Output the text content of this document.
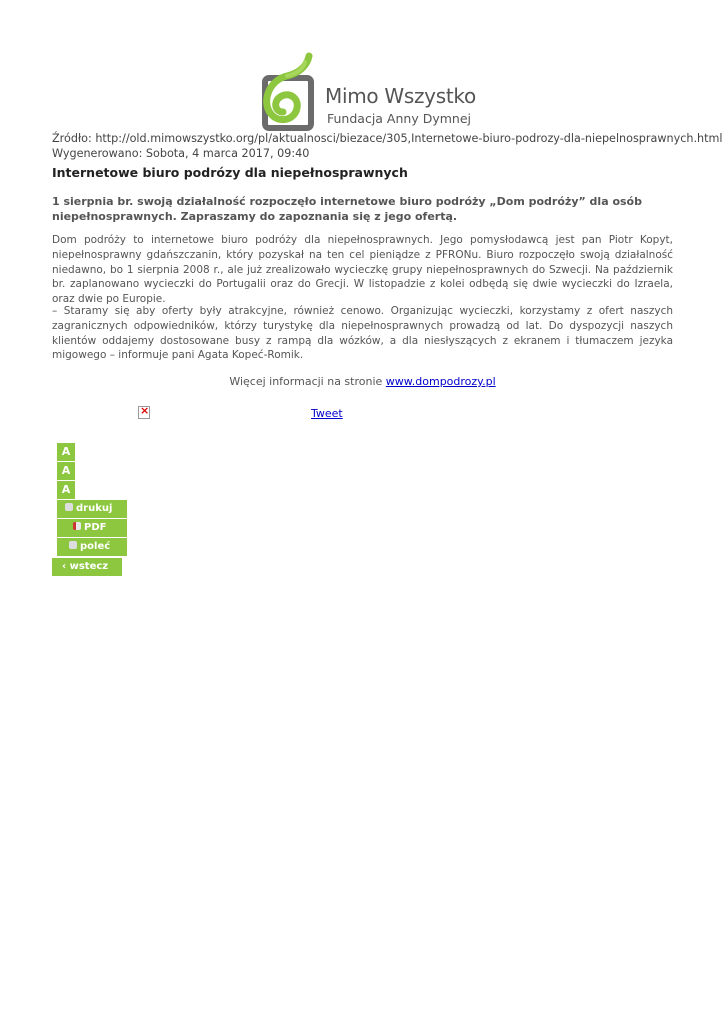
Mimo Wszystko
Fundacja Anny Dymnej
Źródło: http://old.mimowszystko.org/pl/aktualnosci/biezace/305,Internetowe-biuro-podrozy-dla-niepelnosprawnych.html
Wygenerowano: Sobota, 4 marca 2017, 09:40
Internetowe biuro podrózy dla niepełnosprawnych

1 sierpnia br. swoją działalność rozpoczęło internetowe biuro podróży „Dom podróży” dla osób niepełnosprawnych. Zapraszamy do zapoznania się z jego ofertą.

Dom podróży to internetowe biuro podróży dla niepełnosprawnych. Jego pomysłodawcą jest pan Piotr Kopyt, niepełnosprawny gdańszczanin, który pozyskał na ten cel pieniądze z PFRONu. Biuro rozpoczęło swoją działalność niedawno, bo 1 sierpnia 2008 r., ale już zrealizowało wycieczkę grupy niepełnosprawnych do Szwecji. Na październik br. zaplanowano wycieczki do Portugalii oraz do Grecji. W listopadzie z kolei odbędą się dwie wycieczki do Izraela, oraz dwie po Europie.

– Staramy się aby oferty były atrakcyjne, również cenowo. Organizując wycieczki, korzystamy z ofert naszych zagranicznych odpowiedników, którzy turystykę dla niepełnosprawnych prowadzą od lat. Do dyspozycji naszych klientów oddajemy dostosowane busy z rampą dla wózków, a dla niesłyszących z ekranem i tłumaczem jezyka migowego – informuje pani Agata Kopeć-Romik.

Więcej informacji na stronie www.dompodrozy.pl
×	Tweet
A
A
A
drukuj
PDF
poleć
‹ wstecz
